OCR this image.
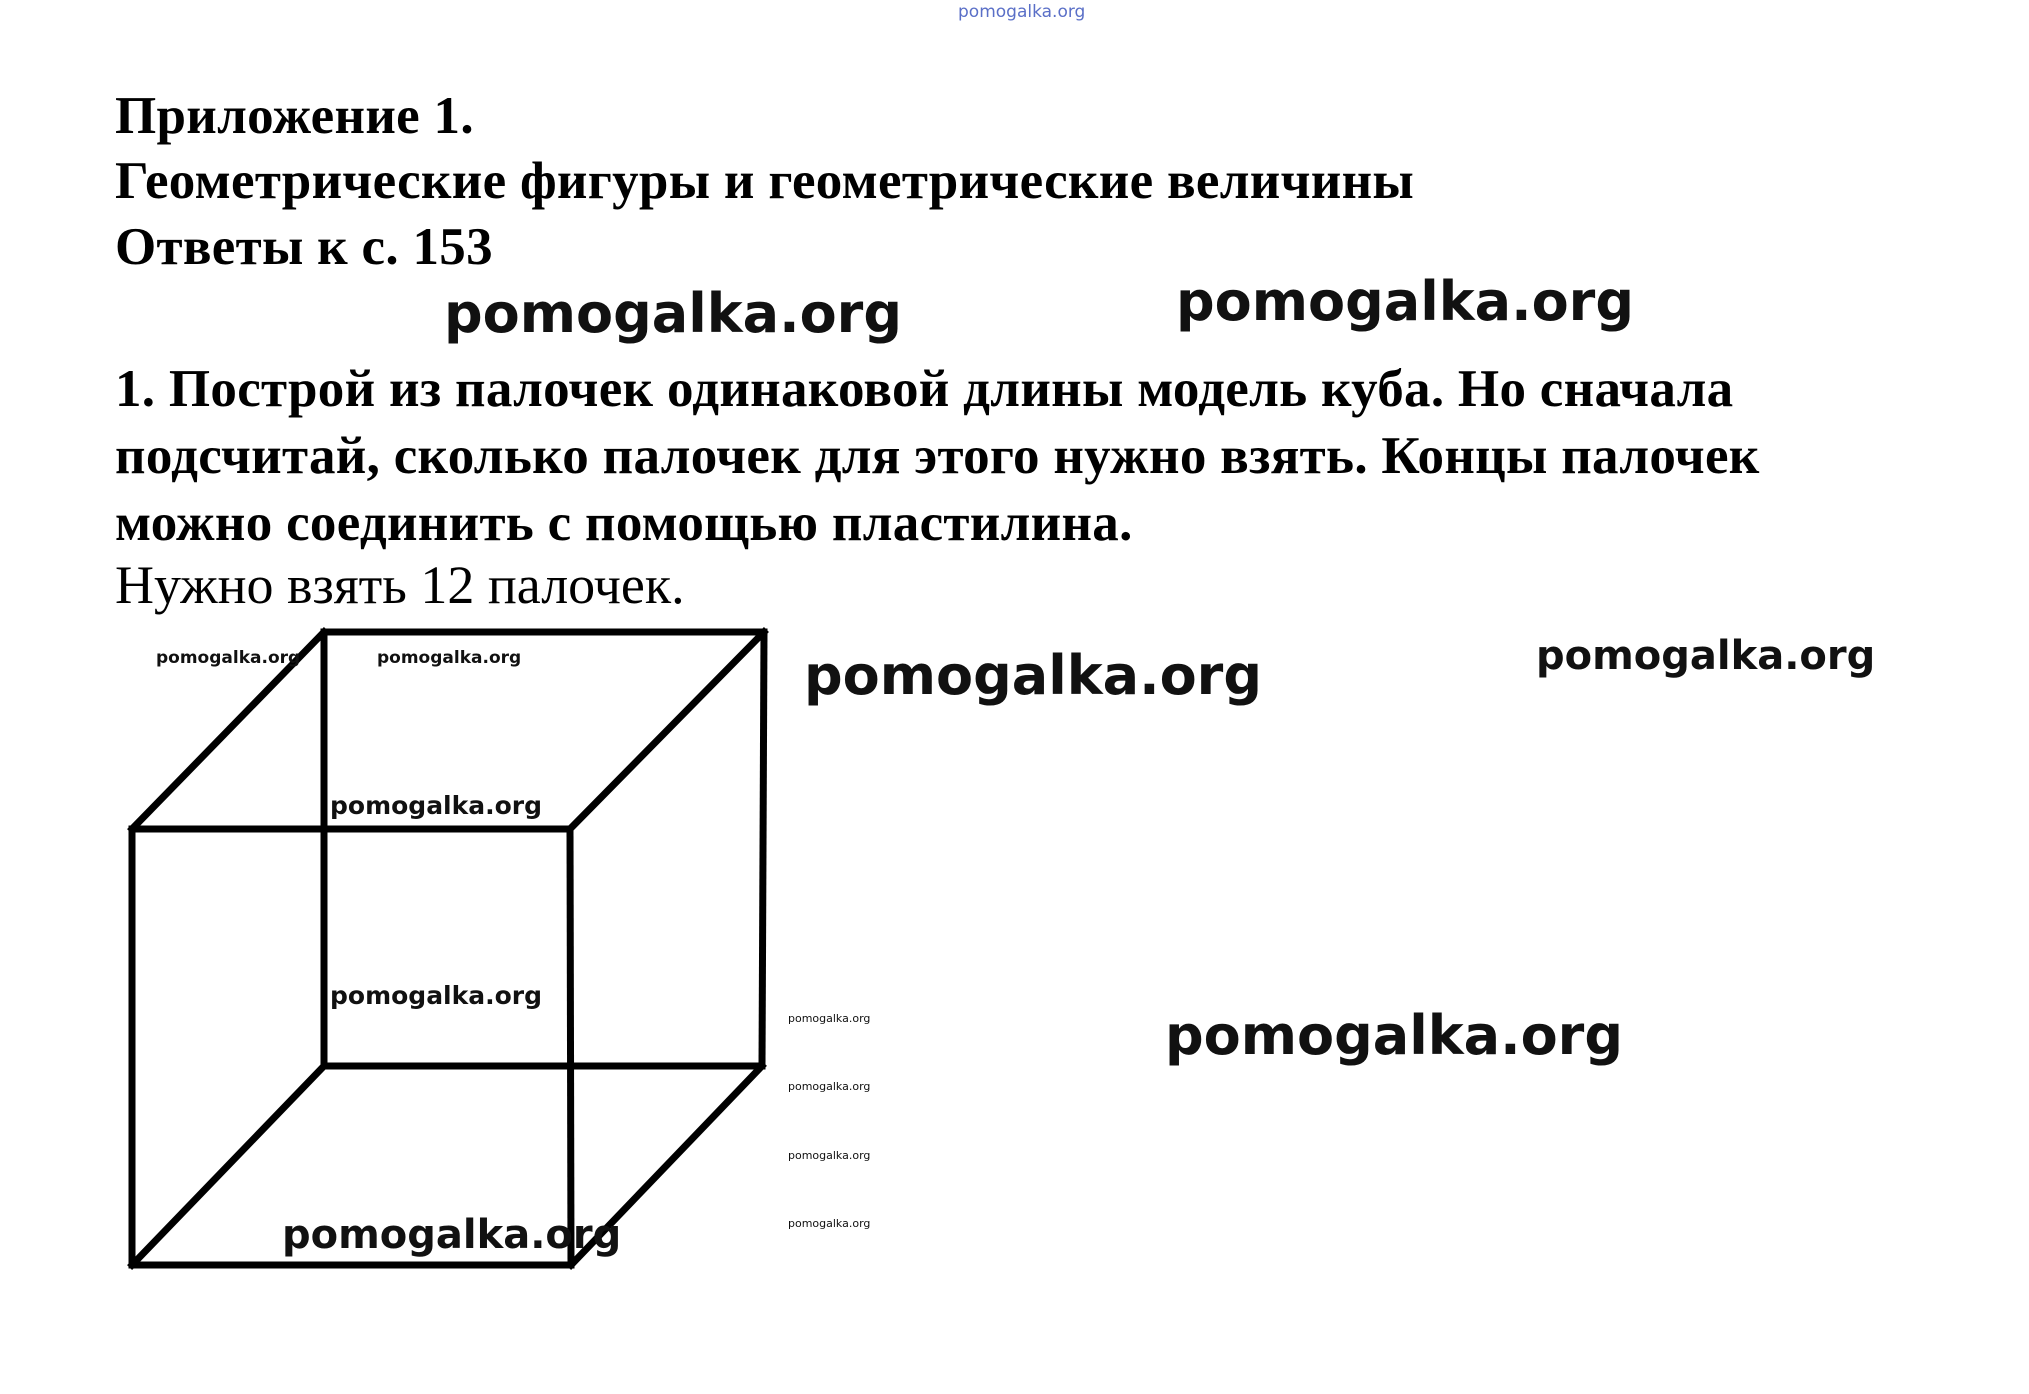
pomogalka.org
Приложение 1.
Геометрические фигуры и геометрические величины
Ответы к с. 153
pomogalka.org	pomogalka.org

1. Построй из палочек одинаковой длины модель куба. Но сначала
подсчитай, сколько палочек для этого нужно взять. Концы палочек
можно соединить с помощью пластилина.

Нужно взять 12 палочек.

pomogalka.org	pomogalka.org	pomogalka.org	pomogalka.org
pomogalka.org
pomogalka.org
pomogalka.org
pomogalka.org
pomogalka.org
pomogalka.org
pomogalka.org
pomogalka.org
